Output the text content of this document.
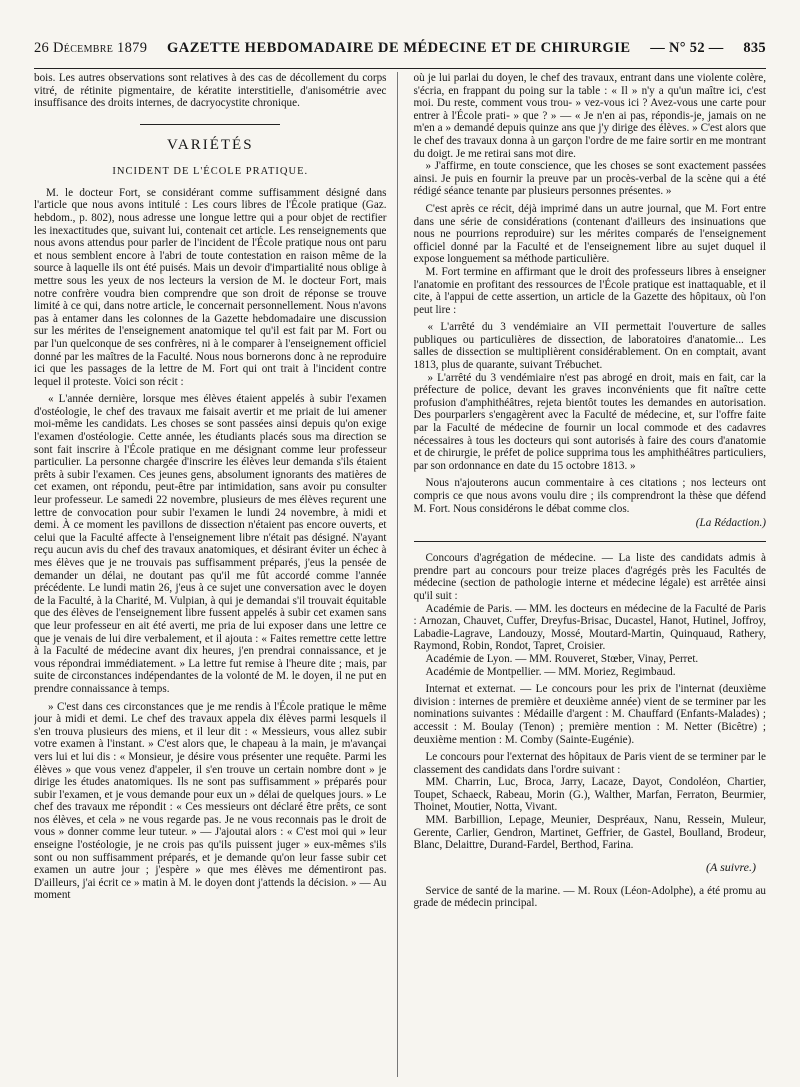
26 Décembre 1879 GAZETTE HEBDOMADAIRE DE MÉDECINE ET DE CHIRURGIE — N° 52 — 835

bois. Les autres observations sont relatives à des cas de décollement du corps vitré, de rétinite pigmentaire, de kératite interstitielle, d'anisométrie avec insuffisance des droits internes, de dacryocystite chronique.

VARIÉTÉS
INCIDENT DE L'ÉCOLE PRATIQUE.

M. le docteur Fort, se considérant comme suffisamment désigné dans l'article que nous avons intitulé : Les cours libres de l'École pratique (Gaz. hebdom., p. 802), nous adresse une longue lettre qui a pour objet de rectifier les inexactitudes que, suivant lui, contenait cet article. Les renseignements que nous avons attendus pour parler de l'incident de l'École pratique nous ont paru et nous semblent encore à l'abri de toute contestation en raison même de la source à laquelle ils ont été puisés. Mais un devoir d'impartialité nous oblige à mettre sous les yeux de nos lecteurs la version de M. le docteur Fort, mais notre confrère voudra bien comprendre que son droit de réponse se trouve limité à ce qui, dans notre article, le concernait personnellement. Nous n'avons pas à entamer dans les colonnes de la Gazette hebdomadaire une discussion sur les mérites de l'enseignement anatomique tel qu'il est fait par M. Fort ou par l'un quelconque de ses confrères, ni à le comparer à l'enseignement officiel donné par les maîtres de la Faculté. Nous nous bornerons donc à ne reproduire ici que les passages de la lettre de M. Fort qui ont trait à l'incident contre lequel il proteste. Voici son récit :

« L'année dernière, lorsque mes élèves étaient appelés à subir l'examen d'ostéologie, le chef des travaux me faisait avertir et me priait de lui amener moi-même les candidats. Les choses se sont passées ainsi depuis qu'on exige l'examen d'ostéologie. Cette année, les étudiants placés sous ma direction se sont fait inscrire à l'École pratique en me désignant comme leur professeur particulier. La personne chargée d'inscrire les élèves leur demanda s'ils étaient prêts à subir l'examen. Ces jeunes gens, absolument ignorants des matières de cet examen, ont répondu, peut-être par intimidation, sans avoir pu consulter leur professeur. Le samedi 22 novembre, plusieurs de mes élèves reçurent une lettre de convocation pour subir l'examen le lundi 24 novembre, à midi et demi. À ce moment les pavillons de dissection n'étaient pas encore ouverts, et celui que la Faculté affecte à l'enseignement libre n'était pas désigné. N'ayant reçu aucun avis du chef des travaux anatomiques, et désirant éviter un échec à mes élèves que je ne trouvais pas suffisamment préparés, j'eus la pensée de demander un délai, ne doutant pas qu'il me fût accordé comme l'année précédente. Le lundi matin 26, j'eus à ce sujet une conversation avec le doyen de la Faculté, à la Charité, M. Vulpian, à qui je demandai s'il trouvait équitable que des élèves de l'enseignement libre fussent appelés à subir cet examen sans que leur professeur en ait été averti, me pria de lui exposer dans une lettre ce que je venais de lui dire verbalement, et il ajouta : « Faites remettre cette lettre à la Faculté de médecine avant dix heures, j'en prendrai connaissance, et je vous répondrai immédiatement. » La lettre fut remise à l'heure dite ; mais, par suite de circonstances indépendantes de la volonté de M. le doyen, il ne put en prendre connaissance à temps.

» C'est dans ces circonstances que je me rendis à l'École pratique le même jour à midi et demi. Le chef des travaux appela dix élèves parmi lesquels il s'en trouva plusieurs des miens, et il leur dit : « Messieurs, vous allez subir votre examen à l'instant. » C'est alors que, le chapeau à la main, je m'avançai vers lui et lui dis : « Monsieur, je désire vous présenter une requête. Parmi les élèves » que vous venez d'appeler, il s'en trouve un certain nombre dont » je dirige les études anatomiques. Ils ne sont pas suffisamment » préparés pour subir l'examen, et je vous demande pour eux un » délai de quelques jours. » Le chef des travaux me répondit : « Ces messieurs ont déclaré être prêts, ce sont nos élèves, et cela » ne vous regarde pas. Je ne vous reconnais pas le droit de vous » donner comme leur tuteur. » — J'ajoutai alors : « C'est moi qui » leur enseigne l'ostéologie, je ne crois pas qu'ils puissent juger » eux-mêmes s'ils sont ou non suffisamment préparés, et je demande qu'on leur fasse subir cet examen un autre jour ; j'espère » que mes élèves me démentiront pas. D'ailleurs, j'ai écrit ce » matin à M. le doyen dont j'attends la décision. » — Au moment

où je lui parlai du doyen, le chef des travaux, entrant dans une violente colère, s'écria, en frappant du poing sur la table : « Il » n'y a qu'un maître ici, c'est moi. Du reste, comment vous trou- » vez-vous ici ? Avez-vous une carte pour entrer à l'École prati- » que ? » — « Je n'en ai pas, répondis-je, jamais on ne m'en a » demandé depuis quinze ans que j'y dirige des élèves. » C'est alors que le chef des travaux donna à un garçon l'ordre de me faire sortir en me montrant du doigt. Je me retirai sans mot dire.

» J'affirme, en toute conscience, que les choses se sont exactement passées ainsi. Je puis en fournir la preuve par un procès-verbal de la scène qui a été rédigé séance tenante par plusieurs personnes présentes. »

C'est après ce récit, déjà imprimé dans un autre journal, que M. Fort entre dans une série de considérations (contenant d'ailleurs des insinuations que nous ne pourrions reproduire) sur les mérites comparés de l'enseignement officiel donné par la Faculté et de l'enseignement libre au sujet duquel il expose longuement sa méthode particulière.

M. Fort termine en affirmant que le droit des professeurs libres à enseigner l'anatomie en profitant des ressources de l'École pratique est inattaquable, et il cite, à l'appui de cette assertion, un article de la Gazette des hôpitaux, où l'on peut lire :

« L'arrêté du 3 vendémiaire an VII permettait l'ouverture de salles publiques ou particulières de dissection, de laboratoires d'anatomie... Les salles de dissection se multiplièrent considérablement. On en comptait, avant 1813, plus de quarante, suivant Trébuchet.

» L'arrêté du 3 vendémiaire n'est pas abrogé en droit, mais en fait, car la préfecture de police, devant les graves inconvénients que fit naître cette profusion d'amphithéâtres, rejeta bientôt toutes les demandes en autorisation. Des pourparlers s'engagèrent avec la Faculté de médecine, et, sur l'offre faite par la Faculté de médecine de fournir un local commode et des cadavres nécessaires à tous les docteurs qui sont autorisés à faire des cours d'anatomie et de chirurgie, le préfet de police supprima tous les amphithéâtres particuliers, par son ordonnance en date du 15 octobre 1813. »

Nous n'ajouterons aucun commentaire à ces citations ; nos lecteurs ont compris ce que nous avons voulu dire ; ils comprendront la thèse que défend M. Fort. Nous considérons le débat comme clos.

(La Rédaction.)

Concours d'agrégation de médecine. — La liste des candidats admis à prendre part au concours pour treize places d'agrégés près les Facultés de médecine (section de pathologie interne et médecine légale) est arrêtée ainsi qu'il suit :

Académie de Paris. — MM. les docteurs en médecine de la Faculté de Paris : Arnozan, Chauvet, Cuffer, Dreyfus-Brisac, Ducastel, Hanot, Hutinel, Joffroy, Labadie-Lagrave, Landouzy, Mossé, Moutard-Martin, Quinquaud, Rathery, Raymond, Robin, Rondot, Tapret, Croisier.

Académie de Lyon. — MM. Rouveret, Stœber, Vinay, Perret.

Académie de Montpellier. — MM. Moriez, Regimbaud.

Internat et externat. — Le concours pour les prix de l'internat (deuxième division : internes de première et deuxième année) vient de se terminer par les nominations suivantes : Médaille d'argent : M. Chauffard (Enfants-Malades) ; accessit : M. Boulay (Tenon) ; première mention : M. Netter (Bicêtre) ; deuxième mention : M. Comby (Sainte-Eugénie).

Le concours pour l'externat des hôpitaux de Paris vient de se terminer par le classement des candidats dans l'ordre suivant :

MM. Charrin, Luc, Broca, Jarry, Lacaze, Dayot, Condoléon, Chartier, Toupet, Schaeck, Rabeau, Morin (G.), Walther, Marfan, Ferraton, Beurmier, Thoinet, Moutier, Notta, Vivant.

MM. Barbillion, Lepage, Meunier, Despréaux, Nanu, Ressein, Muleur, Gerente, Carlier, Gendron, Martinet, Geffrier, de Gastel, Boulland, Brodeur, Blanc, Delaittre, Durand-Fardel, Berthod, Farina.

(A suivre.)

Service de santé de la marine. — M. Roux (Léon-Adolphe), a été promu au grade de médecin principal.
